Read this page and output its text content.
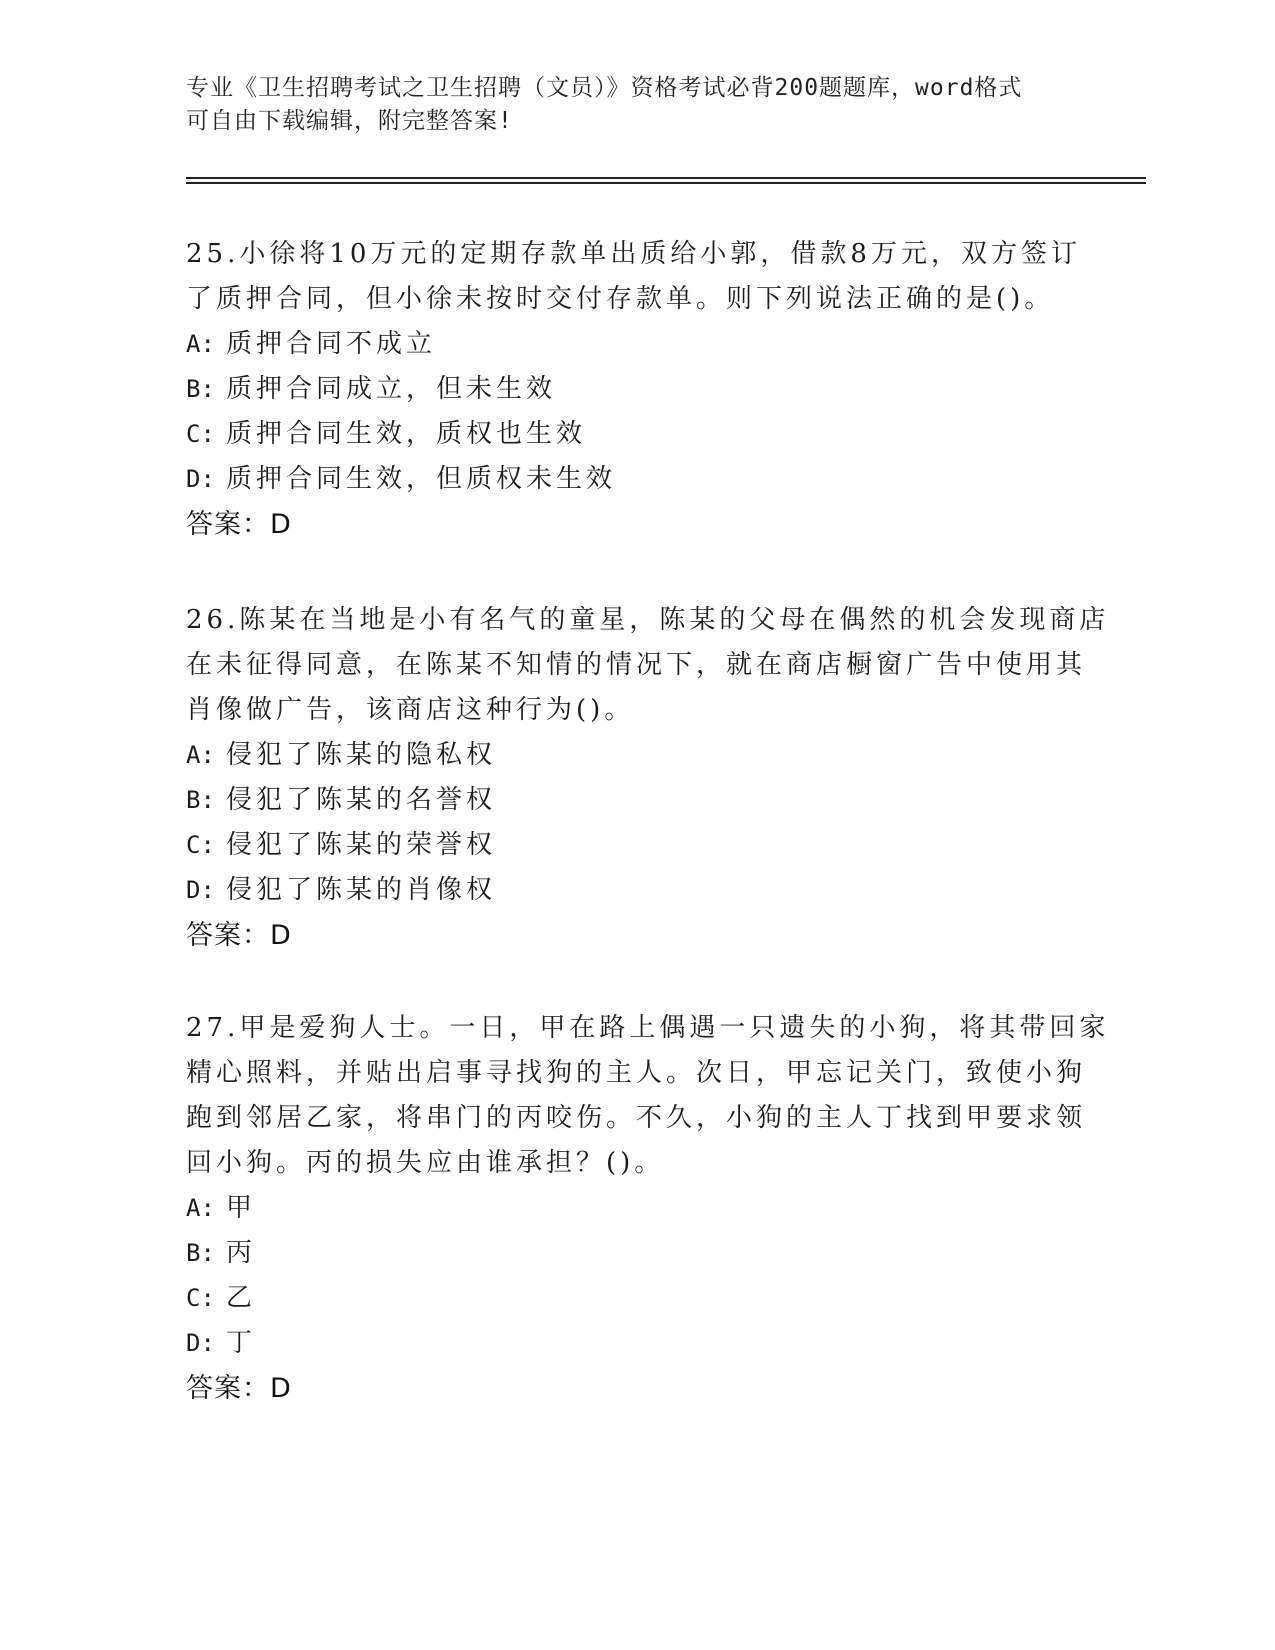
专业《卫生招聘考试之卫生招聘（文员）》资格考试必背200题题库，word格式
可自由下载编辑，附完整答案!
25.小徐将10万元的定期存款单出质给小郭，借款8万元，双方签订
了质押合同，但小徐未按时交付存款单。则下列说法正确的是()。
A: 质押合同不成立
B: 质押合同成立，但未生效
C: 质押合同生效，质权也生效
D: 质押合同生效，但质权未生效
答案：D
26.陈某在当地是小有名气的童星，陈某的父母在偶然的机会发现商店
在未征得同意，在陈某不知情的情况下，就在商店橱窗广告中使用其
肖像做广告，该商店这种行为()。
A: 侵犯了陈某的隐私权
B: 侵犯了陈某的名誉权
C: 侵犯了陈某的荣誉权
D: 侵犯了陈某的肖像权
答案：D
27.甲是爱狗人士。一日，甲在路上偶遇一只遗失的小狗，将其带回家
精心照料，并贴出启事寻找狗的主人。次日，甲忘记关门，致使小狗
跑到邻居乙家，将串门的丙咬伤。不久，小狗的主人丁找到甲要求领
回小狗。丙的损失应由谁承担？()。
A: 甲
B: 丙
C: 乙
D: 丁
答案：D
